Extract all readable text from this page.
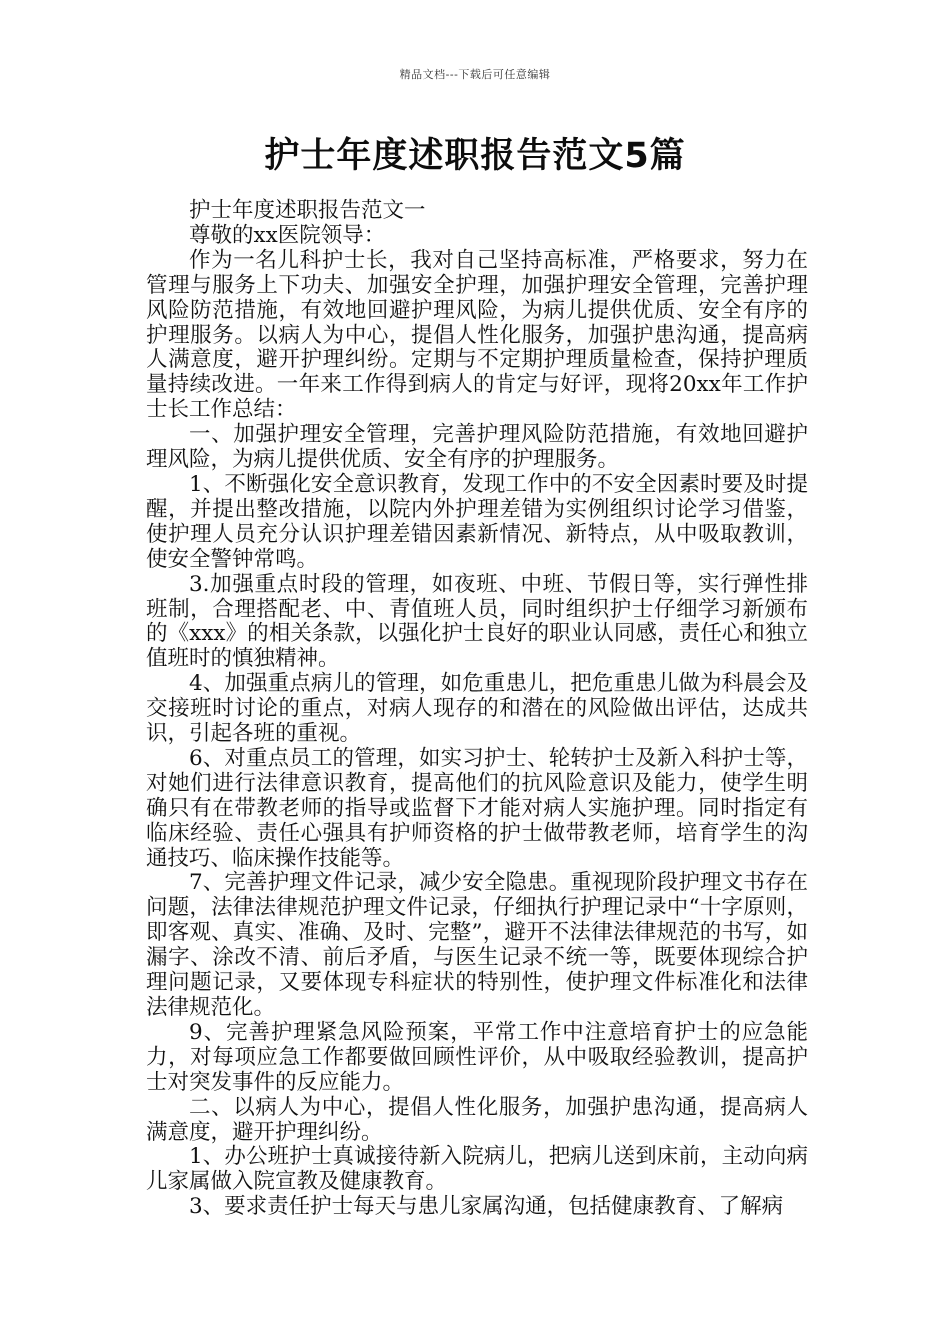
精品文档---下载后可任意编辑
护士年度述职报告范文5篇

护士年度述职报告范文一

尊敬的xx医院领导：

作为一名儿科护士长，我对自己坚持高标准，严格要求，努力在管理与服务上下功夫、加强安全护理，加强护理安全管理，完善护理风险防范措施，有效地回避护理风险，为病儿提供优质、安全有序的护理服务。以病人为中心，提倡人性化服务，加强护患沟通，提高病人满意度，避开护理纠纷。定期与不定期护理质量检查，保持护理质量持续改进。一年来工作得到病人的肯定与好评，现将20xx年工作护士长工作总结：

一、加强护理安全管理，完善护理风险防范措施，有效地回避护理风险，为病儿提供优质、安全有序的护理服务。

1、不断强化安全意识教育，发现工作中的不安全因素时要及时提醒，并提出整改措施，以院内外护理差错为实例组织讨论学习借鉴，使护理人员充分认识护理差错因素新情况、新特点，从中吸取教训，使安全警钟常鸣。

3.加强重点时段的管理，如夜班、中班、节假日等，实行弹性排班制，合理搭配老、中、青值班人员，同时组织护士仔细学习新颁布的《xxx》的相关条款，以强化护士良好的职业认同感，责任心和独立值班时的慎独精神。

4、加强重点病儿的管理，如危重患儿，把危重患儿做为科晨会及交接班时讨论的重点，对病人现存的和潜在的风险做出评估，达成共识，引起各班的重视。

6、对重点员工的管理，如实习护士、轮转护士及新入科护士等，对她们进行法律意识教育，提高他们的抗风险意识及能力，使学生明确只有在带教老师的指导或监督下才能对病人实施护理。同时指定有临床经验、责任心强具有护师资格的护士做带教老师，培育学生的沟通技巧、临床操作技能等。

7、完善护理文件记录，减少安全隐患。重视现阶段护理文书存在问题，法律法律规范护理文件记录，仔细执行护理记录中“十字原则，即客观、真实、准确、及时、完整”，避开不法律法律规范的书写，如漏字、涂改不清、前后矛盾，与医生记录不统一等，既要体现综合护理问题记录，又要体现专科症状的特别性，使护理文件标准化和法律法律规范化。

9、完善护理紧急风险预案，平常工作中注意培育护士的应急能力，对每项应急工作都要做回顾性评价，从中吸取经验教训，提高护士对突发事件的反应能力。

二、以病人为中心，提倡人性化服务，加强护患沟通，提高病人满意度，避开护理纠纷。

1、办公班护士真诚接待新入院病儿，把病儿送到床前，主动向病儿家属做入院宣教及健康教育。

3、要求责任护士每天与患儿家属沟通，包括健康教育、了解病
